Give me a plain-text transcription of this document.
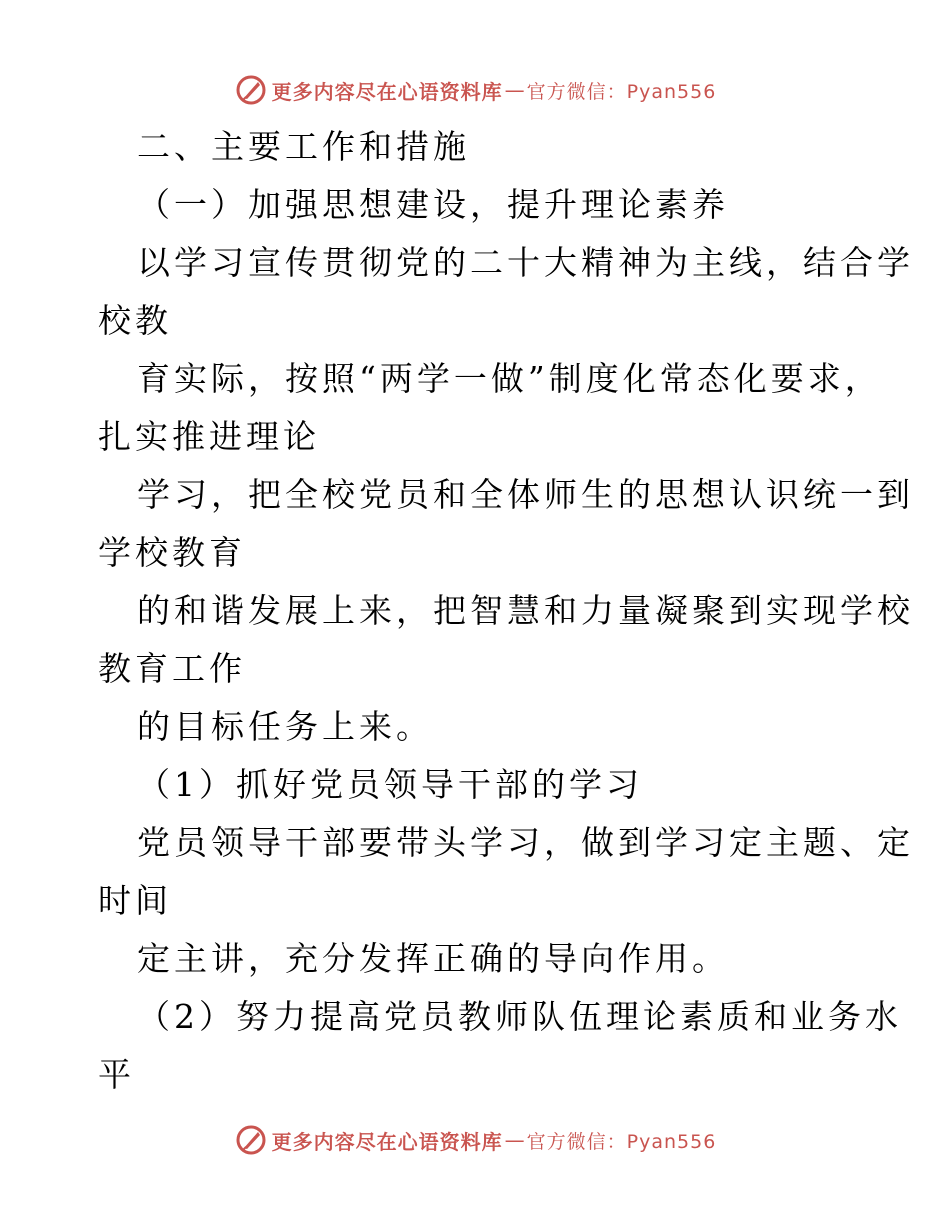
更多内容尽在心语资料库 — 官方微信：Pyan556
二、主要工作和措施
（一）加强思想建设，提升理论素养
以学习宣传贯彻党的二十大精神为主线，结合学
校教
育实际，按照“两学一做”制度化常态化要求，
扎实推进理论
学习，把全校党员和全体师生的思想认识统一到
学校教育
的和谐发展上来，把智慧和力量凝聚到实现学校
教育工作
的目标任务上来。
（1）抓好党员领导干部的学习
党员领导干部要带头学习，做到学习定主题、定
时间
定主讲，充分发挥正确的导向作用。
（2）努力提高党员教师队伍理论素质和业务水
平
更多内容尽在心语资料库 — 官方微信：Pyan556
